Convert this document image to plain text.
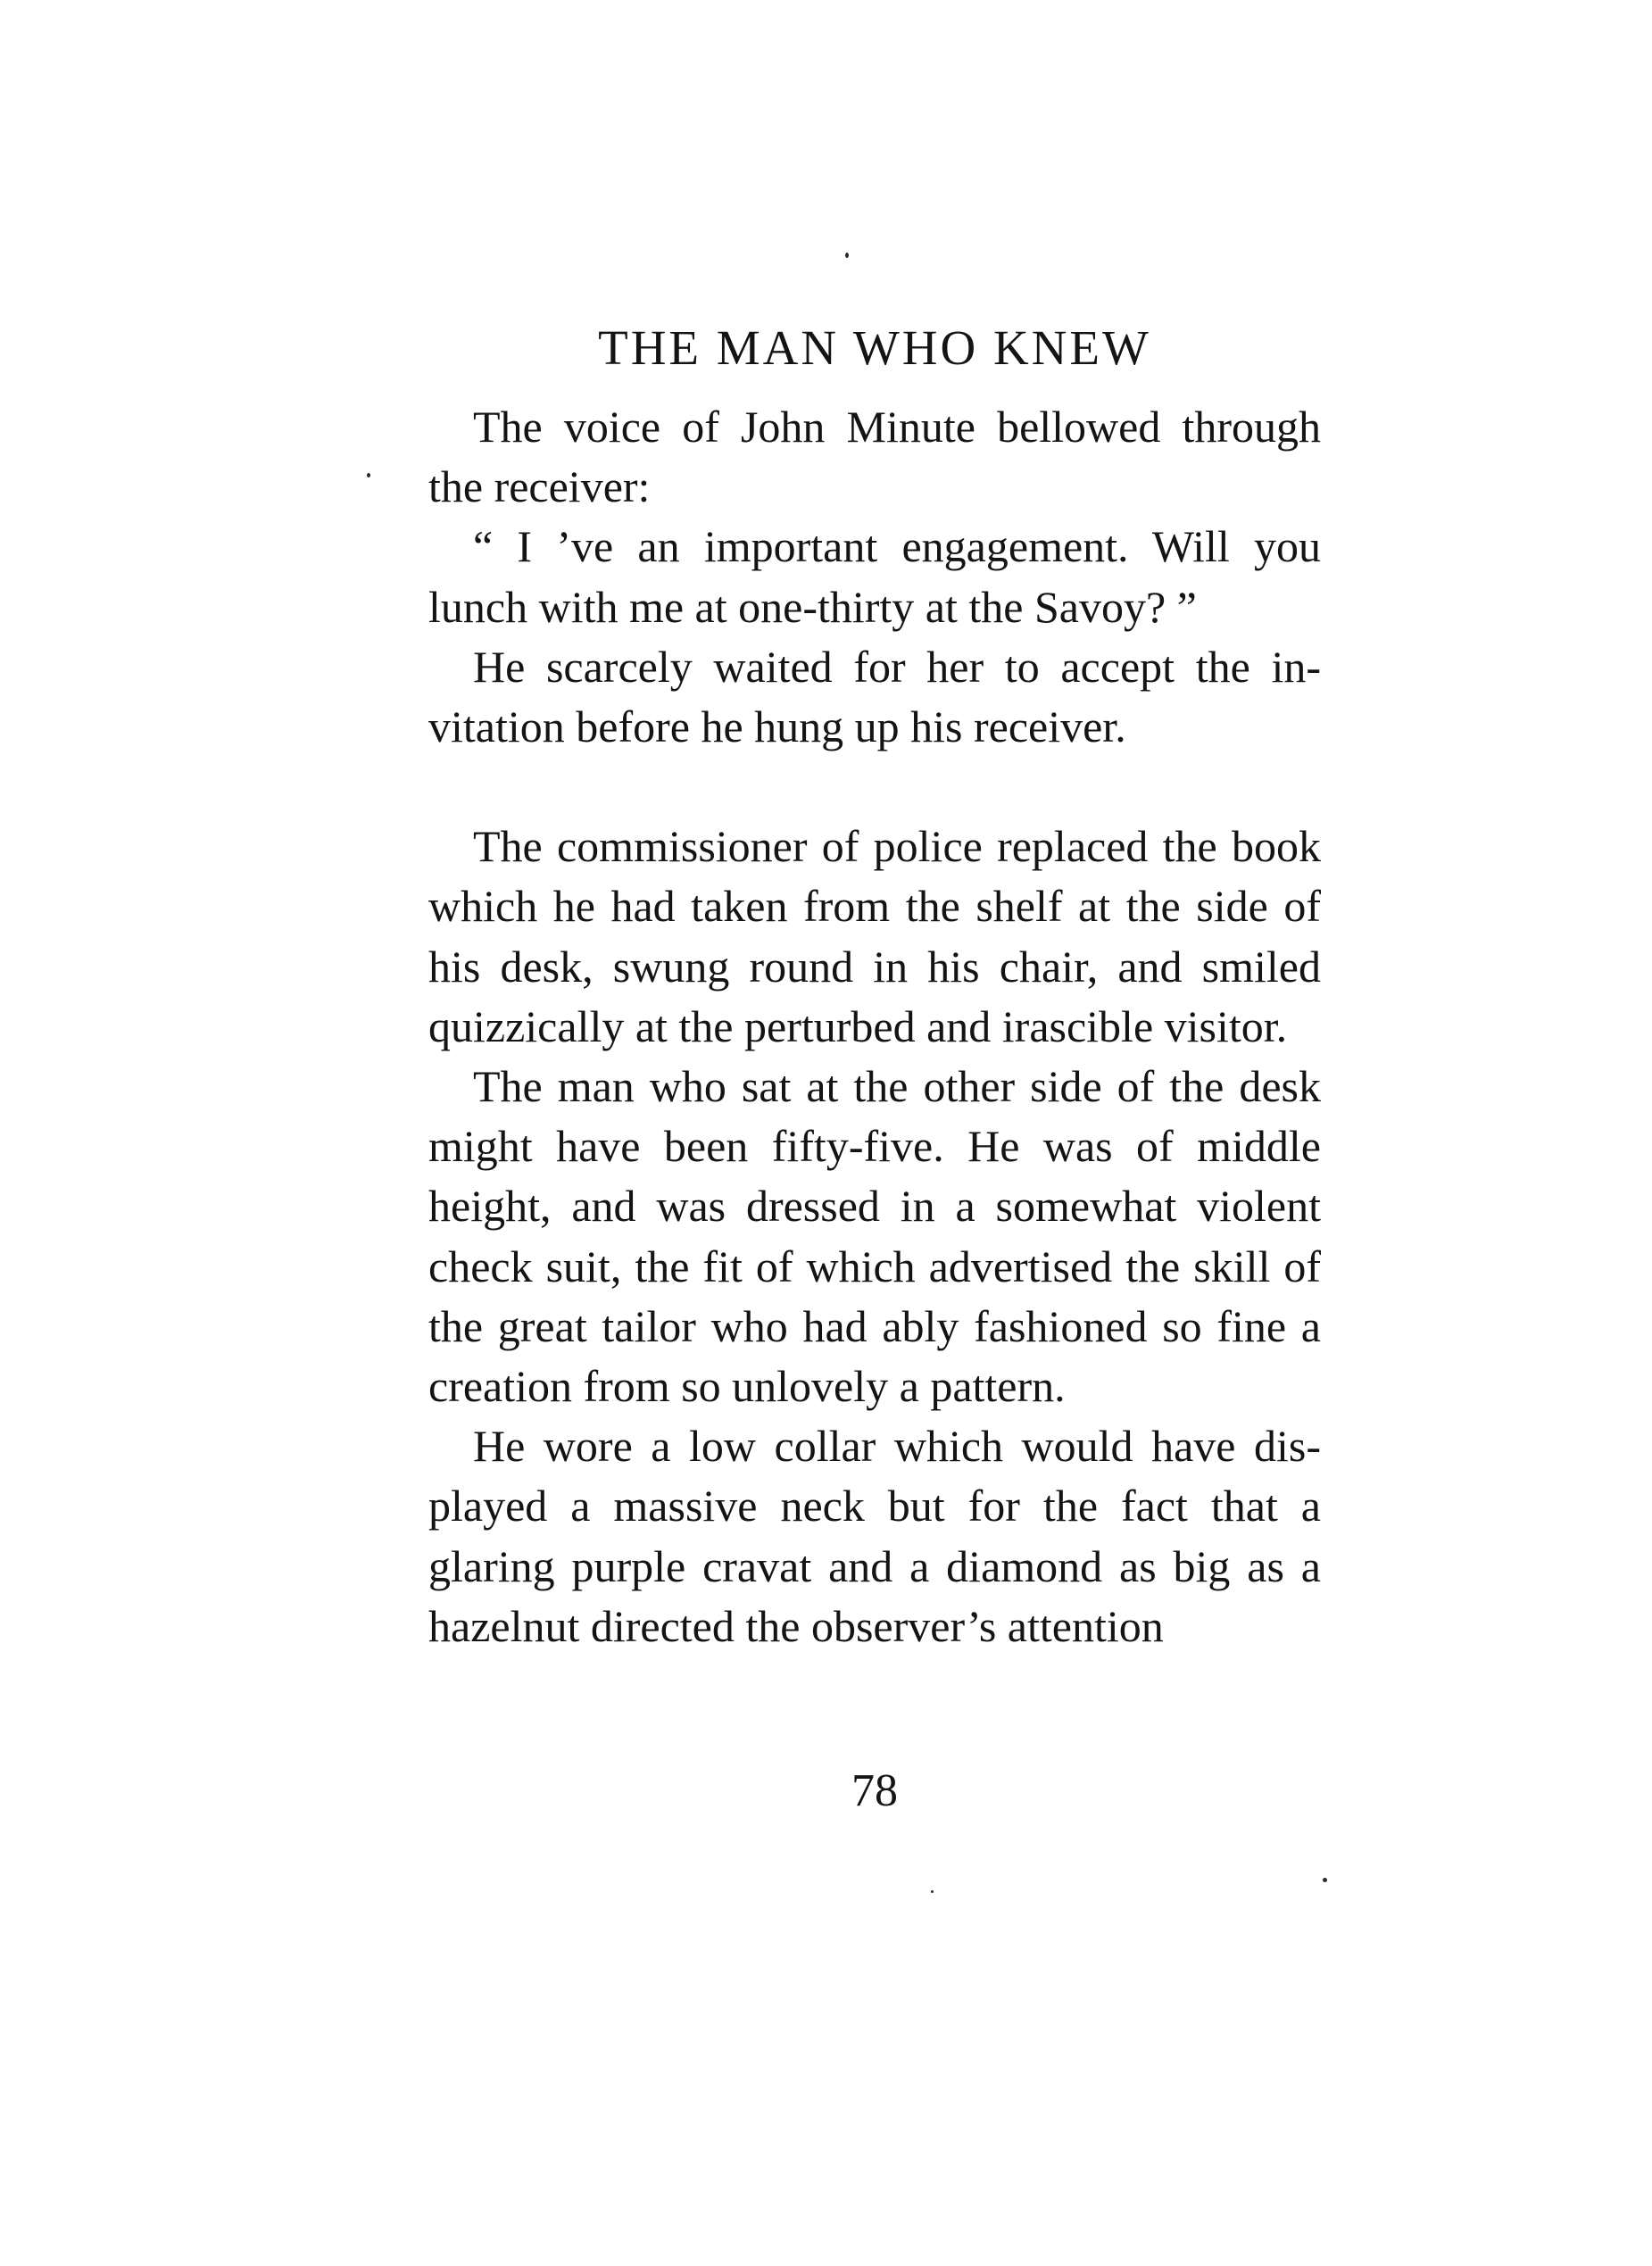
THE MAN WHO KNEW

The voice of John Minute bellowed through the receiver:

“ I ’ve an important engagement. Will you lunch with me at one-thirty at the Savoy? ”

He scarcely waited for her to accept the invitation before he hung up his receiver.

The commissioner of police replaced the book which he had taken from the shelf at the side of his desk, swung round in his chair, and smiled quizzically at the perturbed and irascible visitor.

The man who sat at the other side of the desk might have been fifty-five. He was of middle height, and was dressed in a somewhat violent check suit, the fit of which advertised the skill of the great tailor who had ably fashioned so fine a creation from so unlovely a pattern.

He wore a low collar which would have displayed a massive neck but for the fact that a glaring purple cravat and a diamond as big as a hazelnut directed the observer’s attention

78
